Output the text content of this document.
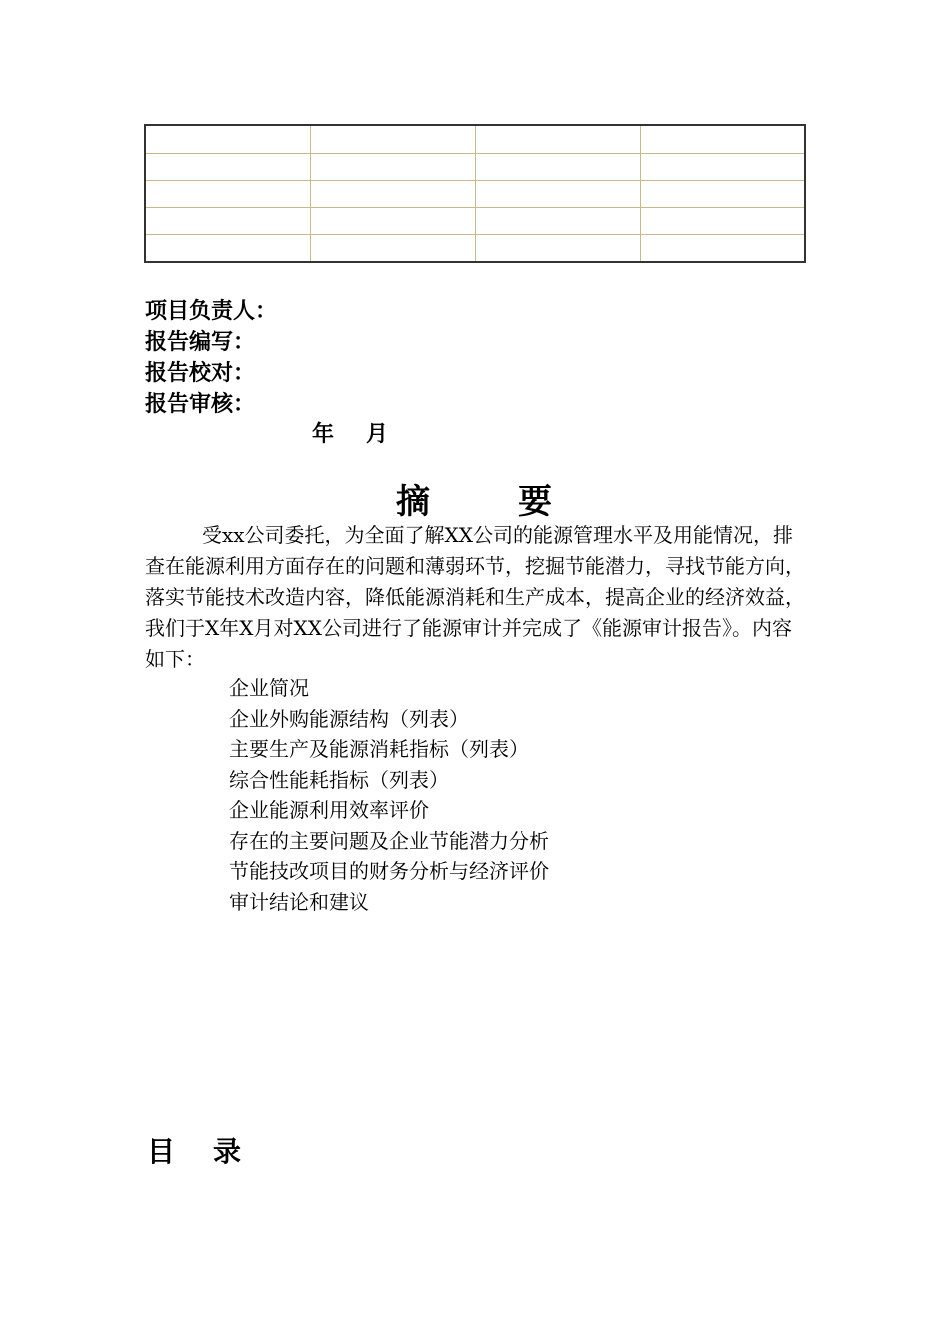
项目负责人：
报告编写：
报告校对：
报告审核：
年 月
摘	要
受xx公司委托，为全面了解XX公司的能源管理水平及用能情况，排查在能源利用方面存在的问题和薄弱环节，挖掘节能潜力，寻找节能方向，落实节能技术改造内容，降低能源消耗和生产成本，提高企业的经济效益，我们于X年X月对XX公司进行了能源审计并完成了《能源审计报告》。内容如下：
企业简况
企业外购能源结构（列表）
主要生产及能源消耗指标（列表）
综合性能耗指标（列表）
企业能源利用效率评价
存在的主要问题及企业节能潜力分析
节能技改项目的财务分析与经济评价
审计结论和建议
目 录
